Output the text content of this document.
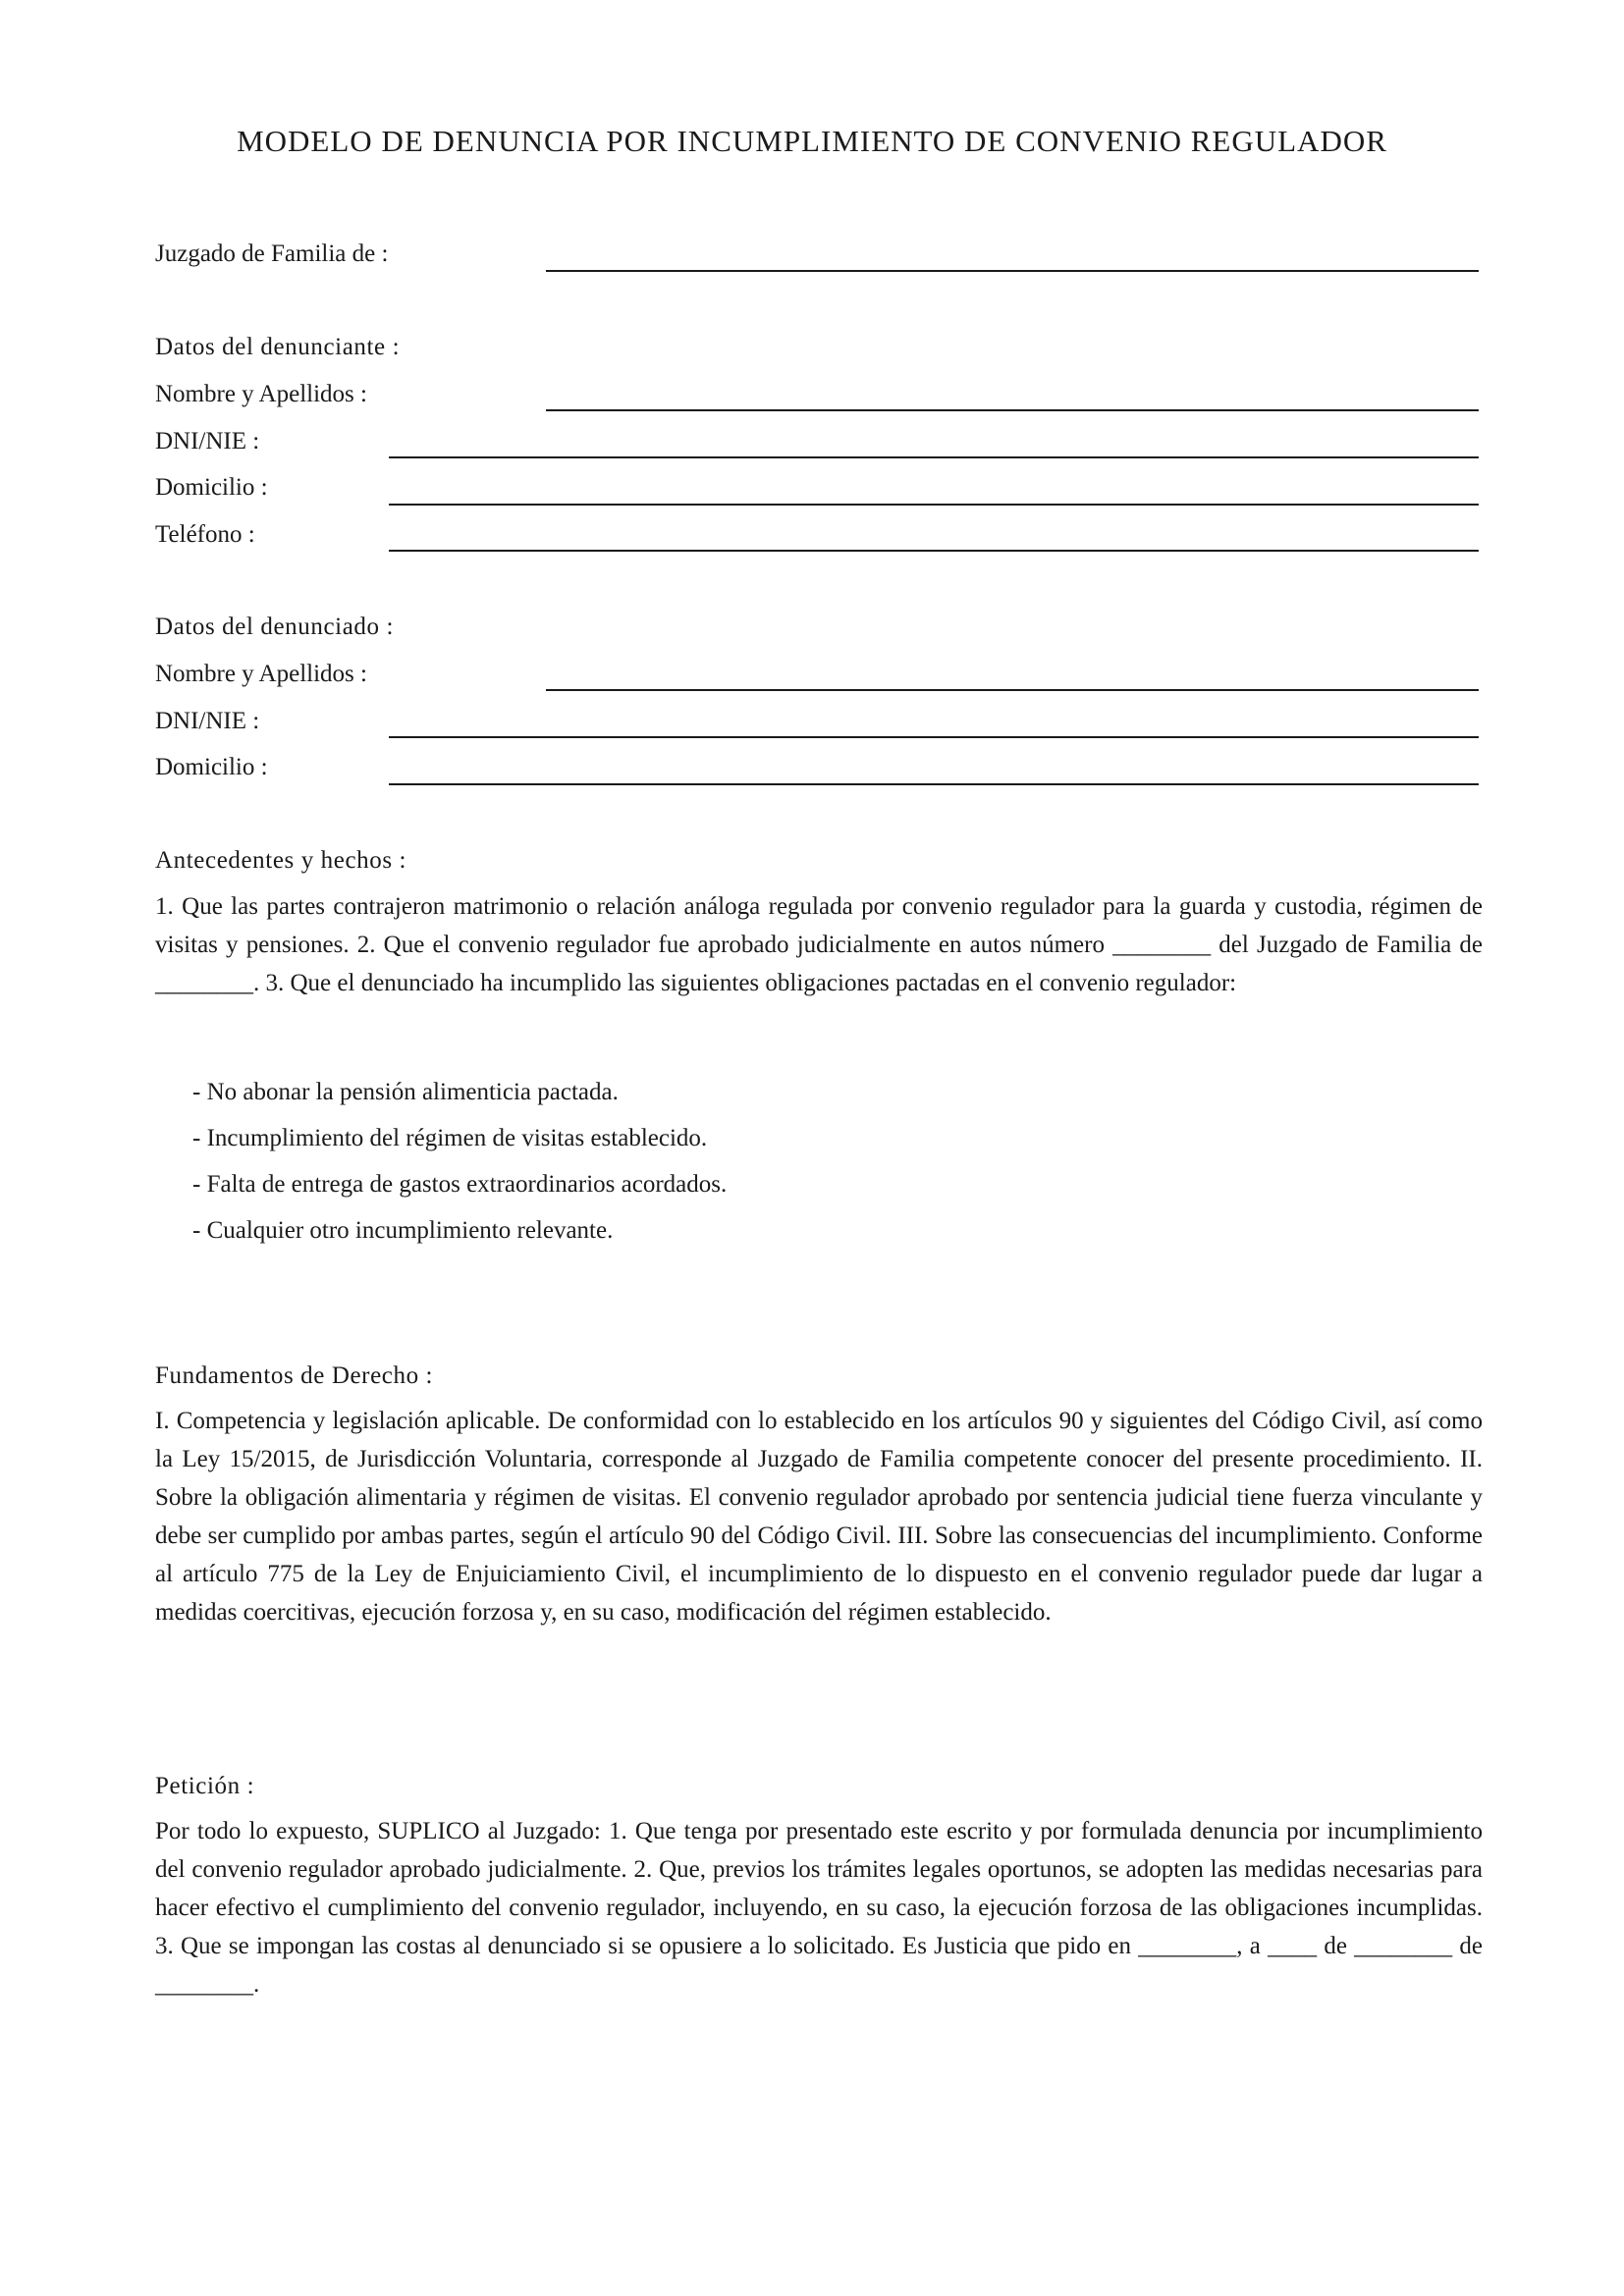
MODELO DE DENUNCIA POR INCUMPLIMIENTO DE CONVENIO REGULADOR
Juzgado de Familia de :
Datos del denunciante :
Nombre y Apellidos :
DNI/NIE :
Domicilio :
Teléfono :
Datos del denunciado :
Nombre y Apellidos :
DNI/NIE :
Domicilio :
Antecedentes y hechos :
1. Que las partes contrajeron matrimonio o relación análoga regulada por convenio regulador para la guarda y custodia, régimen de visitas y pensiones. 2. Que el convenio regulador fue aprobado judicialmente en autos número ________ del Juzgado de Familia de ________. 3. Que el denunciado ha incumplido las siguientes obligaciones pactadas en el convenio regulador:
- No abonar la pensión alimenticia pactada.
- Incumplimiento del régimen de visitas establecido.
- Falta de entrega de gastos extraordinarios acordados.
- Cualquier otro incumplimiento relevante.
Fundamentos de Derecho :
I. Competencia y legislación aplicable. De conformidad con lo establecido en los artículos 90 y siguientes del Código Civil, así como la Ley 15/2015, de Jurisdicción Voluntaria, corresponde al Juzgado de Familia competente conocer del presente procedimiento. II. Sobre la obligación alimentaria y régimen de visitas. El convenio regulador aprobado por sentencia judicial tiene fuerza vinculante y debe ser cumplido por ambas partes, según el artículo 90 del Código Civil. III. Sobre las consecuencias del incumplimiento. Conforme al artículo 775 de la Ley de Enjuiciamiento Civil, el incumplimiento de lo dispuesto en el convenio regulador puede dar lugar a medidas coercitivas, ejecución forzosa y, en su caso, modificación del régimen establecido.
Petición :
Por todo lo expuesto, SUPLICO al Juzgado: 1. Que tenga por presentado este escrito y por formulada denuncia por incumplimiento del convenio regulador aprobado judicialmente. 2. Que, previos los trámites legales oportunos, se adopten las medidas necesarias para hacer efectivo el cumplimiento del convenio regulador, incluyendo, en su caso, la ejecución forzosa de las obligaciones incumplidas. 3. Que se impongan las costas al denunciado si se opusiere a lo solicitado. Es Justicia que pido en ________, a ____ de ________ de ________.
